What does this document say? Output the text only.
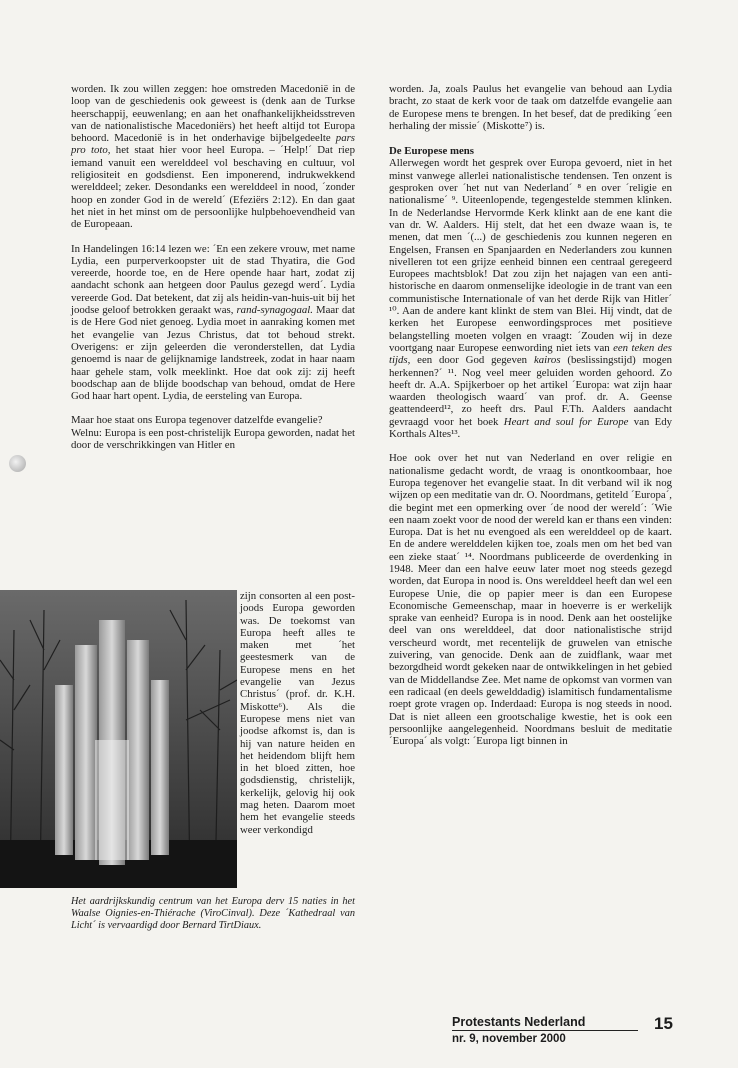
worden. Ik zou willen zeggen: hoe omstreden Macedonië in de loop van de geschiedenis ook geweest is (denk aan de Turkse heerschappij, eeuwenlang; en aan het onafhankelijkheidsstreven van de nationalistische Macedoniërs) het heeft altijd tot Europa behoord. Macedonië is in het onderhavige bijbelgedeelte pars pro toto, het staat hier voor heel Europa. – ´Help!´ Dat riep iemand vanuit een werelddeel vol beschaving en cultuur, vol religiositeit en godsdienst. Een imponerend, indrukwekkend werelddeel; zeker. Desondanks een werelddeel in nood, ´zonder hoop en zonder God in de wereld´ (Efeziërs 2:12). En dan gaat het niet in het minst om de persoonlijke hulpbehoevendheid van de Europeaan.

In Handelingen 16:14 lezen we: ´En een zekere vrouw, met name Lydia, een purperverkoopster uit de stad Thyatira, die God vereerde, hoorde toe, en de Here opende haar hart, zodat zij aandacht schonk aan hetgeen door Paulus gezegd werd´. Lydia vereerde God. Dat betekent, dat zij als heidin-van-huis-uit bij het joodse geloof betrokken geraakt was, rand-synagogaal. Maar dat is de Here God niet genoeg. Lydia moet in aanraking komen met het evangelie van Jezus Christus, dat tot behoud strekt. Overigens: er zijn geleerden die veronderstellen, dat Lydia genoemd is naar de gelijknamige landstreek, zodat in haar naam haar gehele stam, volk meeklinkt. Hoe dat ook zij: zij heeft boodschap aan de blijde boodschap van behoud, omdat de Here God haar hart opent. Lydia, de eersteling van Europa.

Maar hoe staat ons Europa tegenover datzelfde evangelie?

Welnu: Europa is een post-christelijk Europa geworden, nadat het door de verschrikkingen van Hitler en

zijn consorten al een post-joods Europa geworden was. De toekomst van Europa heeft alles te maken met ´het geestesmerk van de Europese mens en het evangelie van Jezus Christus´ (prof. dr. K.H. Miskotte⁶). Als die Europese mens niet van joodse afkomst is, dan is hij van nature heiden en het heidendom blijft hem in het bloed zitten, hoe godsdienstig, christelijk, kerkelijk, gelovig hij ook mag heten. Daarom moet hem het evangelie steeds weer verkondigd
Het aardrijkskundig centrum van het Europa derv 15 naties in het Waalse Oignies-en-Thiérache (ViroCinval). Deze ´Kathedraal van Licht´ is vervaardigd door Bernard TirtDiaux.

worden. Ja, zoals Paulus het evangelie van behoud aan Lydia bracht, zo staat de kerk voor de taak om datzelfde evangelie aan de Europese mens te brengen. In het besef, dat de prediking ´een herhaling der missie´ (Miskotte⁷) is.

De Europese mens

Allerwegen wordt het gesprek over Europa gevoerd, niet in het minst vanwege allerlei nationalistische tendensen. Ten onzent is gesproken over ´het nut van Nederland´ ⁸ en over ´religie en nationalisme´ ⁹. Uiteenlopende, tegengestelde stemmen klinken. In de Nederlandse Hervormde Kerk klinkt aan de ene kant die van dr. W. Aalders. Hij stelt, dat het een dwaze waan is, te menen, dat men ´(...) de geschiedenis zou kunnen negeren en Engelsen, Fransen en Spanjaarden en Nederlanders zou kunnen nivelleren tot een grijze eenheid binnen een centraal geregeerd Europees machtsblok! Dat zou zijn het najagen van een anti-historische en daarom onmenselijke ideologie in de trant van een communistische Internationale of van het derde Rijk van Hitler´ ¹⁰. Aan de andere kant klinkt de stem van Blei. Hij vindt, dat de kerken het Europese eenwordingsproces met positieve belangstelling moeten volgen en vraagt: ´Zouden wij in deze voortgang naar Europese eenwording niet iets van een teken des tijds, een door God gegeven kairos (beslissingstijd) mogen herkennen?´ ¹¹. Nog veel meer geluiden worden gehoord. Zo heeft dr. A.A. Spijkerboer op het artikel ´Europa: wat zijn haar waarden theologisch waard´ van prof. dr. A. Geense geattendeerd¹², zo heeft drs. Paul F.Th. Aalders aandacht gevraagd voor het boek Heart and soul for Europe van Edy Korthals Altes¹³.

Hoe ook over het nut van Nederland en over religie en nationalisme gedacht wordt, de vraag is onontkoombaar, hoe Europa tegenover het evangelie staat. In dit verband wil ik nog wijzen op een meditatie van dr. O. Noordmans, getiteld ´Europa´, die begint met een opmerking over ´de nood der wereld´: ´Wie een naam zoekt voor de nood der wereld kan er thans een vinden: Europa. Dat is het nu evengoed als een werelddeel op de kaart. En de andere werelddelen kijken toe, zoals men om het bed van een zieke staat´ ¹⁴. Noordmans publiceerde de overdenking in 1948. Meer dan een halve eeuw later moet nog steeds gezegd worden, dat Europa in nood is. Ons werelddeel heeft dan wel een Europese Unie, die op papier meer is dan een Europese Economische Gemeenschap, maar in hoeverre is er werkelijk sprake van eenheid? Europa is in nood. Denk aan het oostelijke deel van ons werelddeel, dat door nationalistische strijd verscheurd wordt, met recentelijk de gruwelen van etnische zuivering, van genocide. Denk aan de zuidflank, waar met bezorgdheid wordt gekeken naar de ontwikkelingen in het gebied van de Middellandse Zee. Met name de opkomst van vormen van een radicaal (en deels gewelddadig) islamitisch fundamentalisme roept grote vragen op. Inderdaad: Europa is nog steeds in nood. Dat is niet alleen een grootschalige kwestie, het is ook een persoonlijke aangelegenheid. Noordmans besluit de meditatie ´Europa´ als volgt: ´Europa ligt binnen in

Protestants Nederland
nr. 9, november 2000
15
